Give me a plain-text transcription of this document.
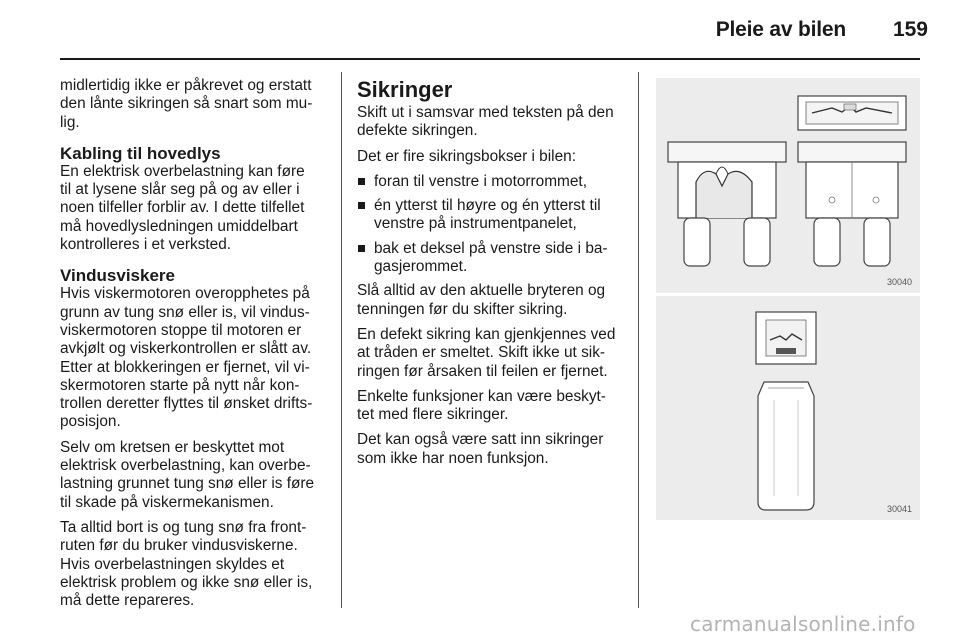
Pleie av bilen	159

midlertidig ikke er påkrevet og erstatt
den lånte sikringen så snart som mu-
lig.

Kabling til hovedlys

En elektrisk overbelastning kan føre
til at lysene slår seg på og av eller i
noen tilfeller forblir av. I dette tilfellet
må hovedlysledningen umiddelbart
kontrolleres i et verksted.

Vindusviskere

Hvis viskermotoren overopphetes på
grunn av tung snø eller is, vil vindus-
viskermotoren stoppe til motoren er
avkjølt og viskerkontrollen er slått av.
Etter at blokkeringen er fjernet, vil vi-
skermotoren starte på nytt når kon-
trollen deretter flyttes til ønsket drifts-
posisjon.

Selv om kretsen er beskyttet mot
elektrisk overbelastning, kan overbe-
lastning grunnet tung snø eller is føre
til skade på viskermekanismen.

Ta alltid bort is og tung snø fra front-
ruten før du bruker vindusviskerne.
Hvis overbelastningen skyldes et
elektrisk problem og ikke snø eller is,
må dette repareres.

Sikringer

Skift ut i samsvar med teksten på den
defekte sikringen.

Det er fire sikringsbokser i bilen:

foran til venstre i motorrommet,
én ytterst til høyre og én ytterst til
venstre på instrumentpanelet,
bak et deksel på venstre side i ba-
gasjerommet.

Slå alltid av den aktuelle bryteren og
tenningen før du skifter sikring.

En defekt sikring kan gjenkjennes ved
at tråden er smeltet. Skift ikke ut sik-
ringen før årsaken til feilen er fjernet.

Enkelte funksjoner kan være beskyt-
tet med flere sikringer.

Det kan også være satt inn sikringer
som ikke har noen funksjon.

30040
30041
carmanualsonline.info
